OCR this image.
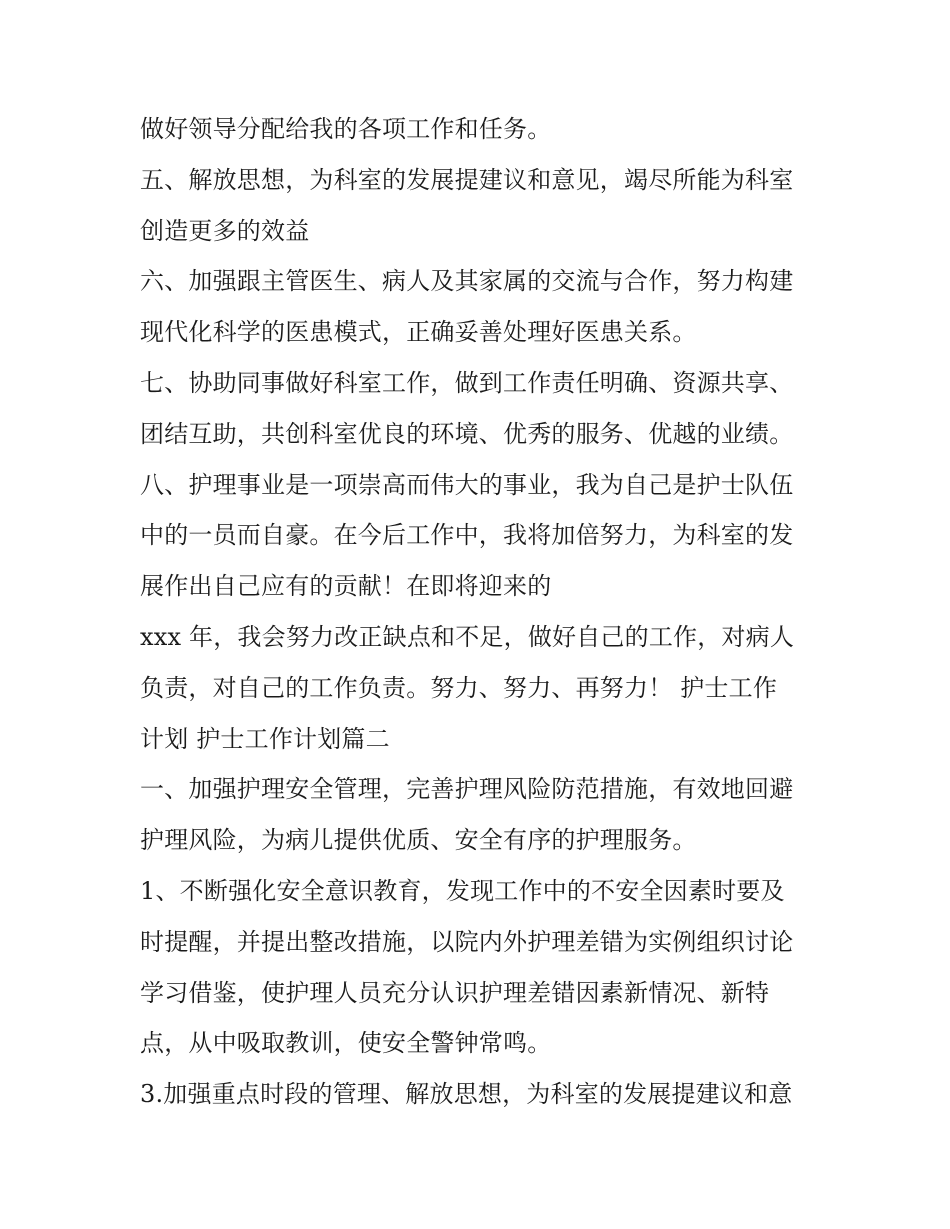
做好领导分配给我的各项工作和任务。
五、解放思想，为科室的发展提建议和意见，竭尽所能为科室
创造更多的效益
六、加强跟主管医生、病人及其家属的交流与合作，努力构建
现代化科学的医患模式，正确妥善处理好医患关系。
七、协助同事做好科室工作，做到工作责任明确、资源共享、
团结互助，共创科室优良的环境、优秀的服务、优越的业绩。
八、护理事业是一项崇高而伟大的事业，我为自己是护士队伍
中的一员而自豪。在今后工作中，我将加倍努力，为科室的发
展作出自己应有的贡献！在即将迎来的
xxx 年，我会努力改正缺点和不足，做好自己的工作，对病人
负责，对自己的工作负责。努力、努力、再努力！ 护士工作
计划 护士工作计划篇二
一、加强护理安全管理，完善护理风险防范措施，有效地回避
护理风险，为病儿提供优质、安全有序的护理服务。
1、不断强化安全意识教育，发现工作中的不安全因素时要及
时提醒，并提出整改措施，以院内外护理差错为实例组织讨论
学习借鉴，使护理人员充分认识护理差错因素新情况、新特
点，从中吸取教训，使安全警钟常鸣。
3.加强重点时段的管理、解放思想，为科室的发展提建议和意
